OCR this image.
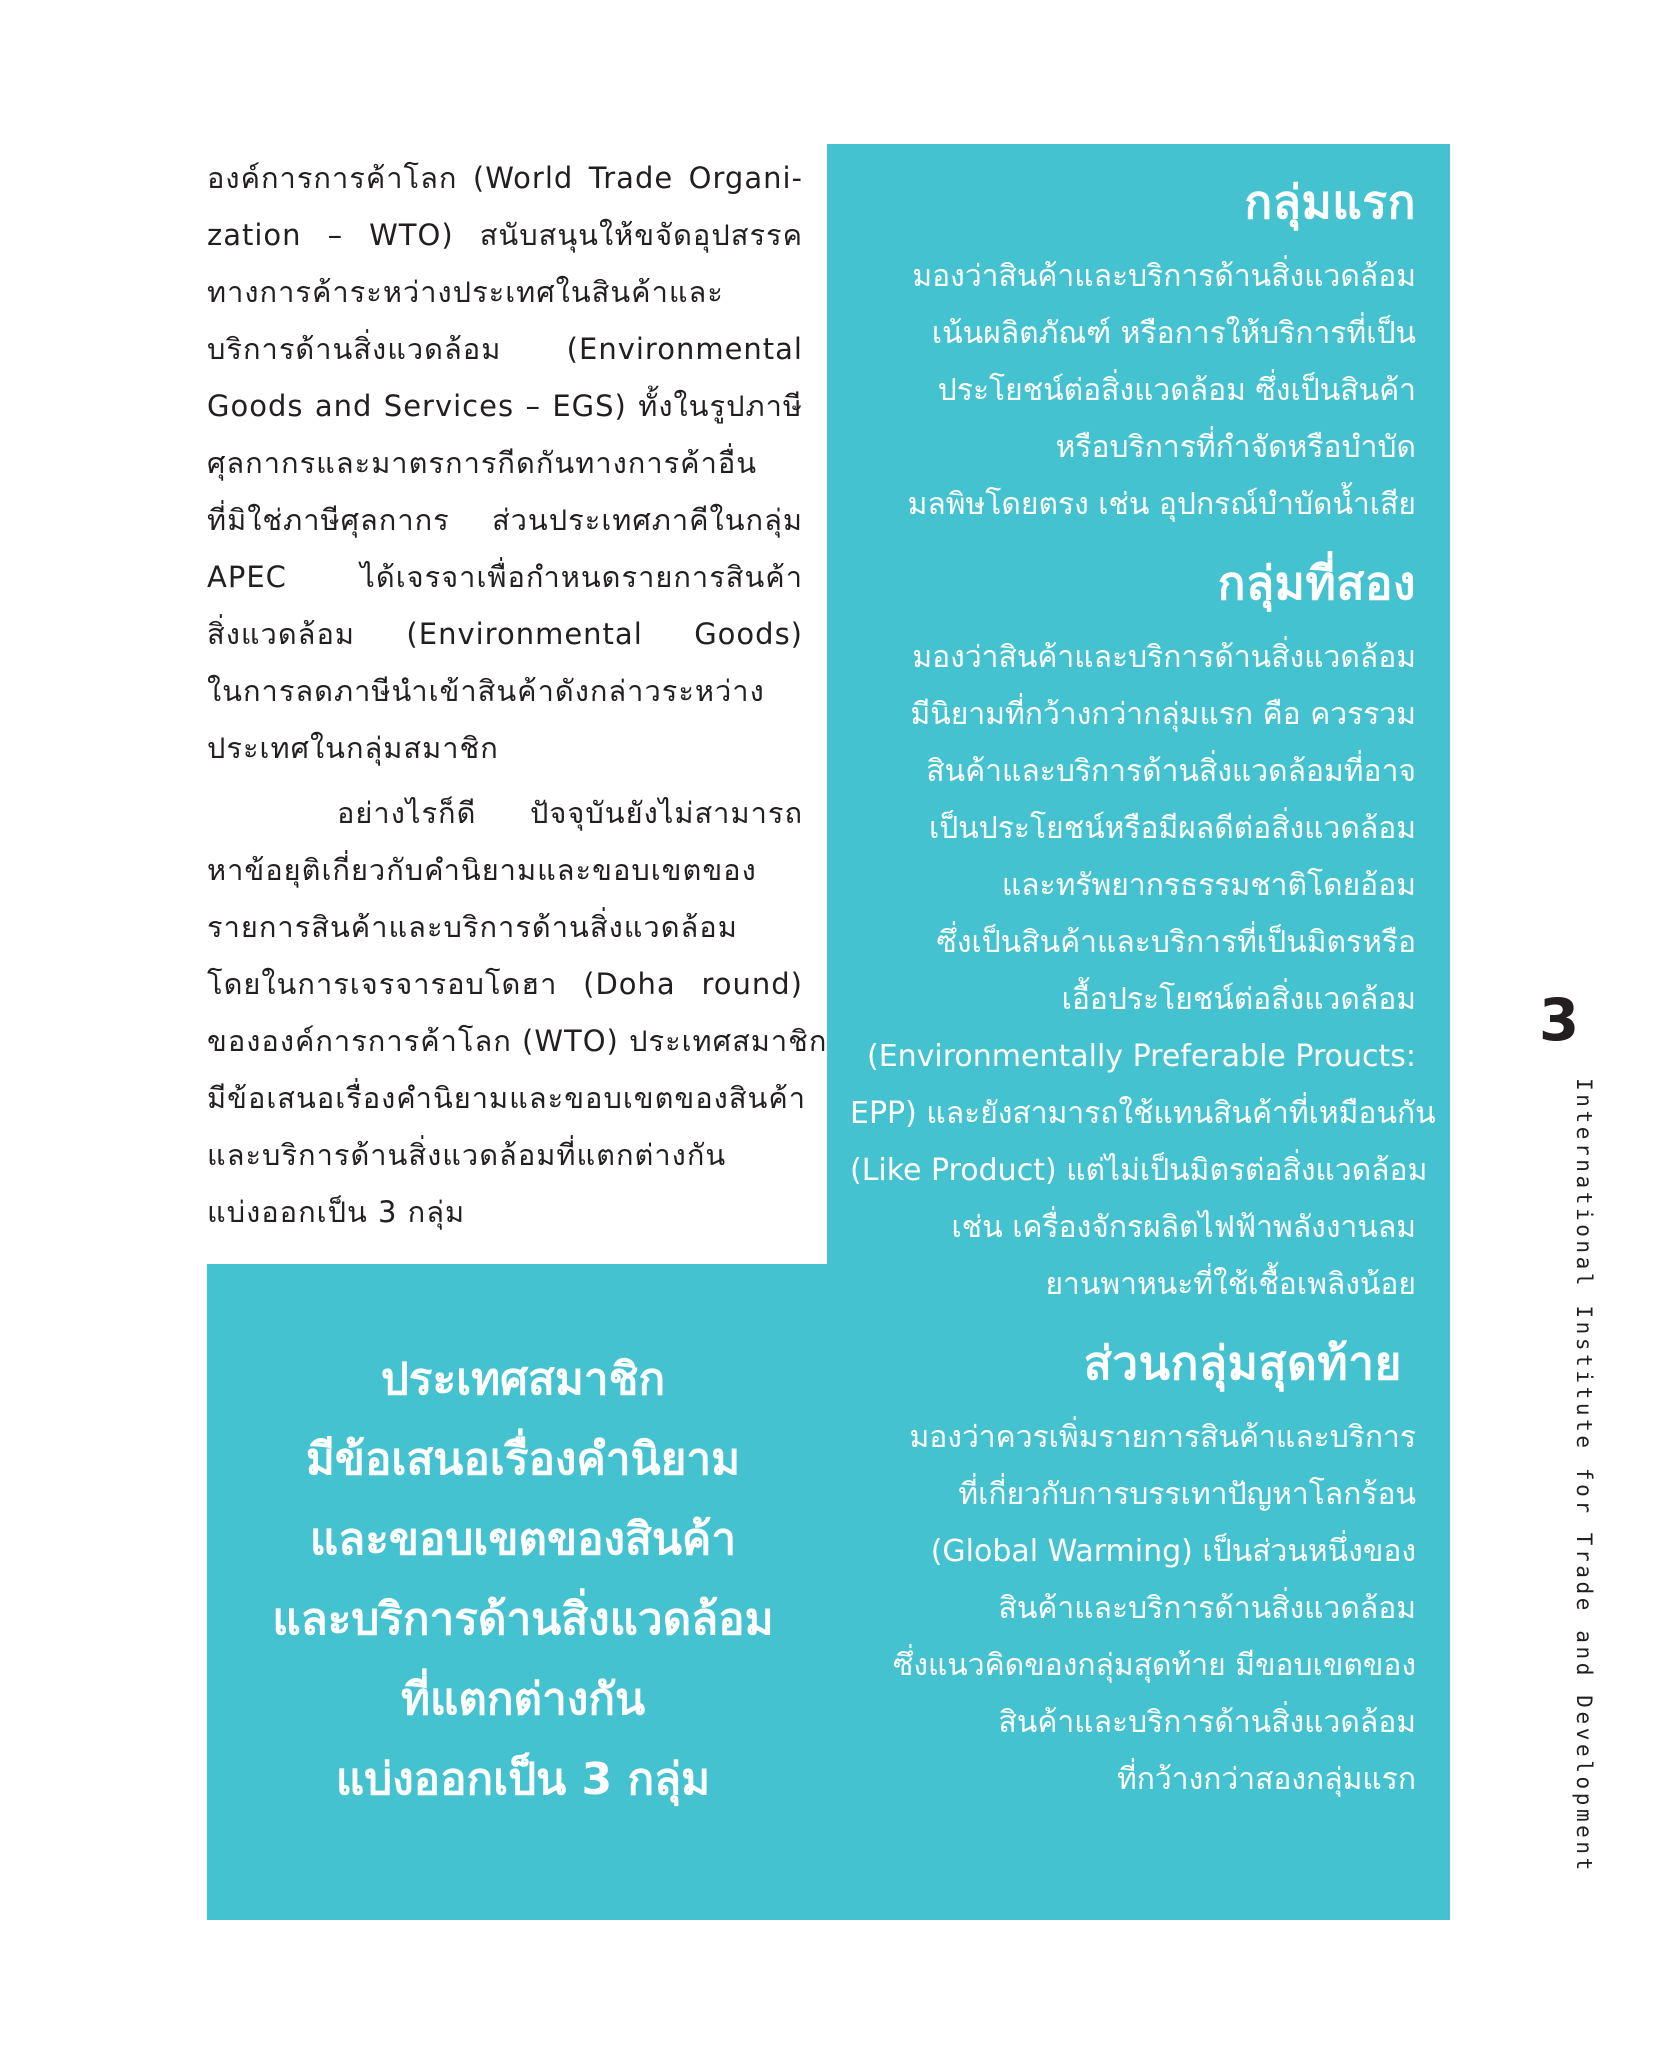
องค์การการค้าโลก (World Trade Organi-
zation – WTO) สนับสนุนให้ขจัดอุปสรรค
ทางการค้าระหว่างประเทศในสินค้าและ
บริการด้านสิ่งแวดล้อม (Environmental
Goods and Services – EGS) ทั้งในรูปภาษี
ศุลกากรและมาตรการกีดกันทางการค้าอื่น
ที่มิใช่ภาษีศุลกากร ส่วนประเทศภาคีในกลุ่ม
APEC ได้เจรจาเพื่อกำหนดรายการสินค้า
สิ่งแวดล้อม (Environmental Goods)
ในการลดภาษีนำเข้าสินค้าดังกล่าวระหว่าง
ประเทศในกลุ่มสมาชิก
อย่างไรก็ดี ปัจจุบันยังไม่สามารถ
หาข้อยุติเกี่ยวกับคำนิยามและขอบเขตของ
รายการสินค้าและบริการด้านสิ่งแวดล้อม
โดยในการเจรจารอบโดฮา (Doha round)
ขององค์การการค้าโลก (WTO) ประเทศสมาชิก
มีข้อเสนอเรื่องคำนิยามและขอบเขตของสินค้า
และบริการด้านสิ่งแวดล้อมที่แตกต่างกัน
แบ่งออกเป็น 3 กลุ่ม
กลุ่มแรก
มองว่าสินค้าและบริการด้านสิ่งแวดล้อม
เน้นผลิตภัณฑ์ หรือการให้บริการที่เป็น
ประโยชน์ต่อสิ่งแวดล้อม ซึ่งเป็นสินค้า
หรือบริการที่กำจัดหรือบำบัด
มลพิษโดยตรง เช่น อุปกรณ์บำบัดน้ำเสีย
กลุ่มที่สอง
มองว่าสินค้าและบริการด้านสิ่งแวดล้อม
มีนิยามที่กว้างกว่ากลุ่มแรก คือ ควรรวม
สินค้าและบริการด้านสิ่งแวดล้อมที่อาจ
เป็นประโยชน์หรือมีผลดีต่อสิ่งแวดล้อม
และทรัพยากรธรรมชาติโดยอ้อม
ซึ่งเป็นสินค้าและบริการที่เป็นมิตรหรือ
เอื้อประโยชน์ต่อสิ่งแวดล้อม
(Environmentally Preferable Proucts:
EPP) และยังสามารถใช้แทนสินค้าที่เหมือนกัน
(Like Product) แต่ไม่เป็นมิตรต่อสิ่งแวดล้อม
เช่น เครื่องจักรผลิตไฟฟ้าพลังงานลม
ยานพาหนะที่ใช้เชื้อเพลิงน้อย
ส่วนกลุ่มสุดท้าย
มองว่าควรเพิ่มรายการสินค้าและบริการ
ที่เกี่ยวกับการบรรเทาปัญหาโลกร้อน
(Global Warming) เป็นส่วนหนึ่งของ
สินค้าและบริการด้านสิ่งแวดล้อม
ซึ่งแนวคิดของกลุ่มสุดท้าย มีขอบเขตของ
สินค้าและบริการด้านสิ่งแวดล้อม
ที่กว้างกว่าสองกลุ่มแรก
ประเทศสมาชิก
มีข้อเสนอเรื่องคำนิยาม
และขอบเขตของสินค้า
และบริการด้านสิ่งแวดล้อม
ที่แตกต่างกัน
แบ่งออกเป็น 3 กลุ่ม
3
International Institute for Trade and Development
